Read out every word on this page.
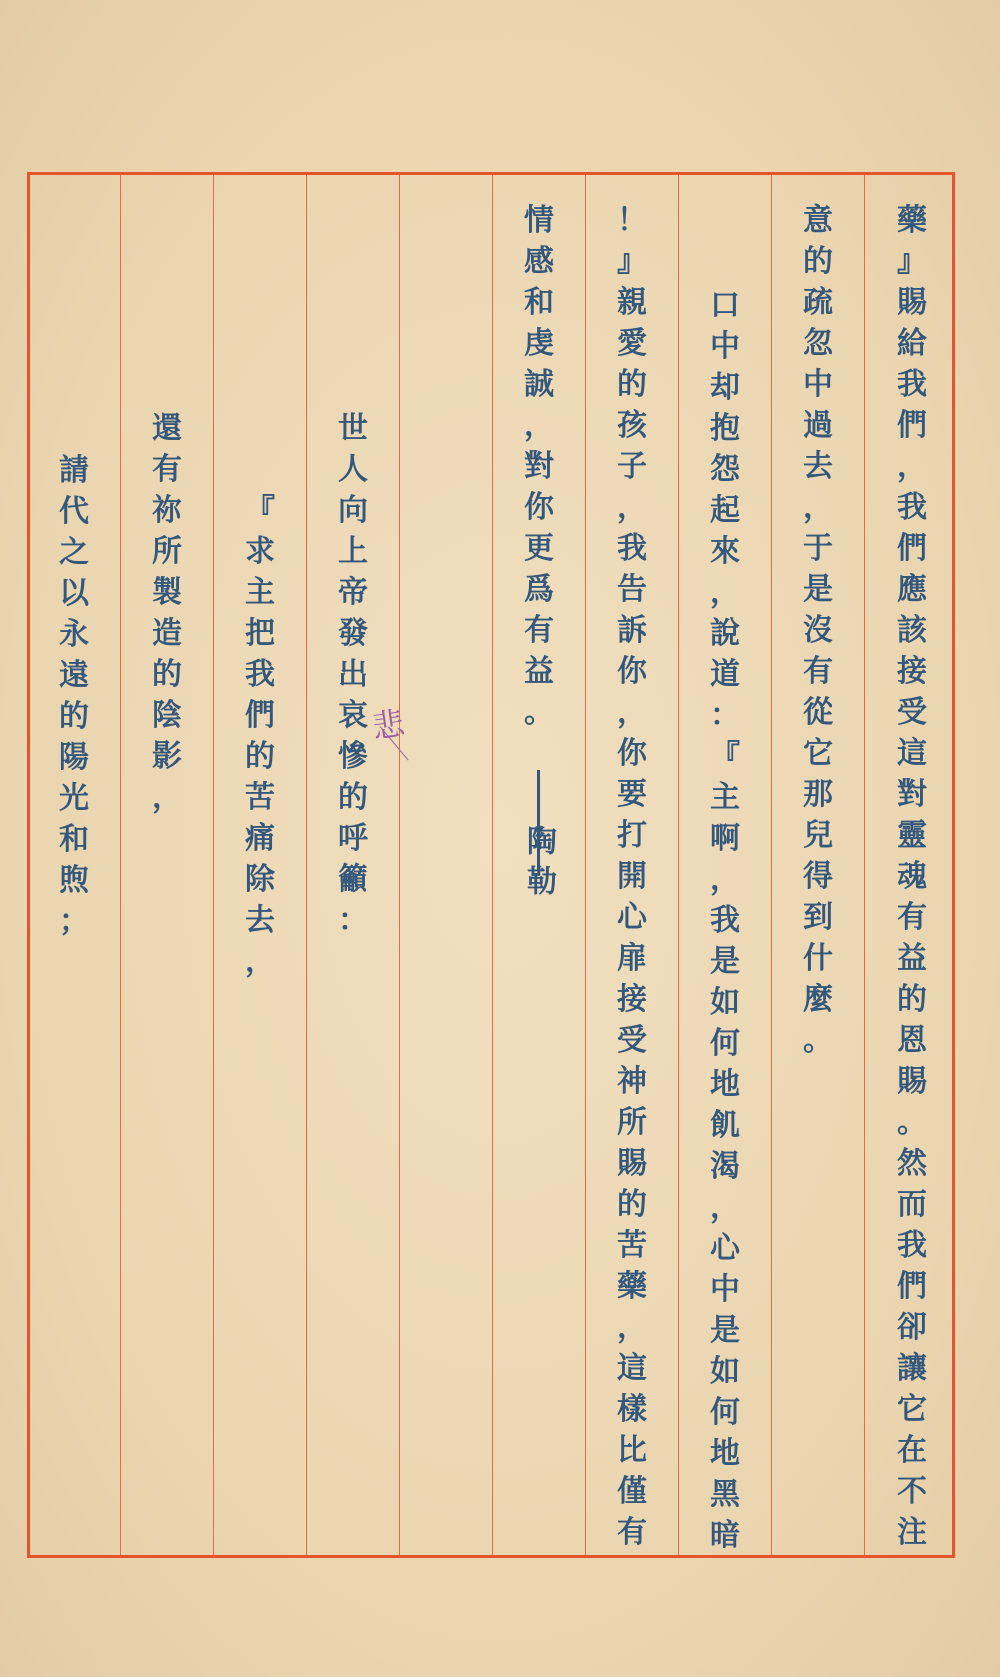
藥
』
賜
給
我
們
，
我
們
應
該
接
受
這
對
靈
魂
有
益
的
恩
賜
。
然
而
我
們
卻
讓
它
在
不
注
意
的
疏
忽
中
過
去
，
于
是
沒
有
從
它
那
兒
得
到
什
麼
。
口
中
却
抱
怨
起
來
，
說
道
：
『
主
啊
，
我
是
如
何
地
飢
渴
，
心
中
是
如
何
地
黑
暗
！
』
親
愛
的
孩
子
，
我
告
訴
你
，
你
要
打
開
心
扉
接
受
神
所
賜
的
苦
藥
，
這
樣
比
僅
有
情
感
和
虔
誠
，
對
你
更
爲
有
益
。
世
人
向
上
帝
發
出
哀
慘
的
呼
籲
：
『
求
主
把
我
們
的
苦
痛
除
去
，
還
有
祢
所
製
造
的
陰
影
，
請
代
之
以
永
遠
的
陽
光
和
煦
；
陶勒
悲
